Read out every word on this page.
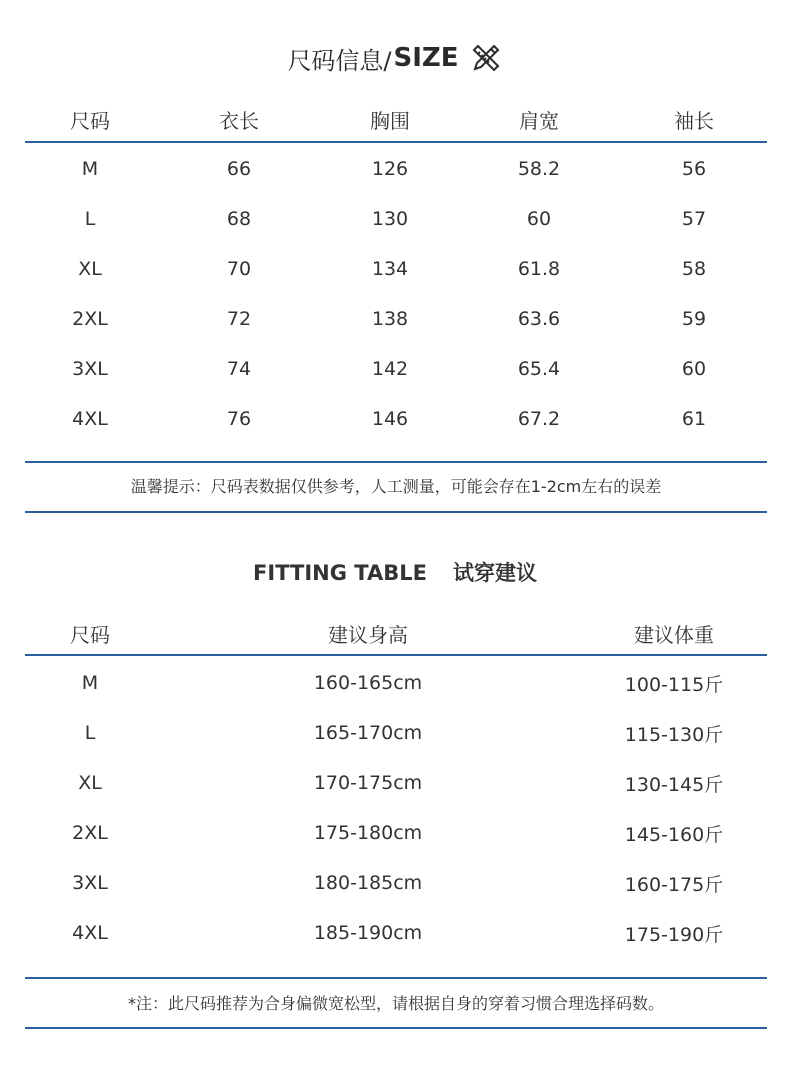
尺码信息/ SIZE
尺码	衣长	胸围	肩宽	袖长
M	66	126	58.2	56
L	68	130	60	57
XL	70	134	61.8	58
2XL	72	138	63.6	59
3XL	74	142	65.4	60
4XL	76	146	67.2	61
温馨提示：尺码表数据仅供参考，人工测量，可能会存在1-2cm左右的误差
FITTING TABLE 试穿建议
尺码	建议身高	建议体重
M	160-165cm	100-115斤
L	165-170cm	115-130斤
XL	170-175cm	130-145斤
2XL	175-180cm	145-160斤
3XL	180-185cm	160-175斤
4XL	185-190cm	175-190斤
*注：此尺码推荐为合身偏微宽松型，请根据自身的穿着习惯合理选择码数。
